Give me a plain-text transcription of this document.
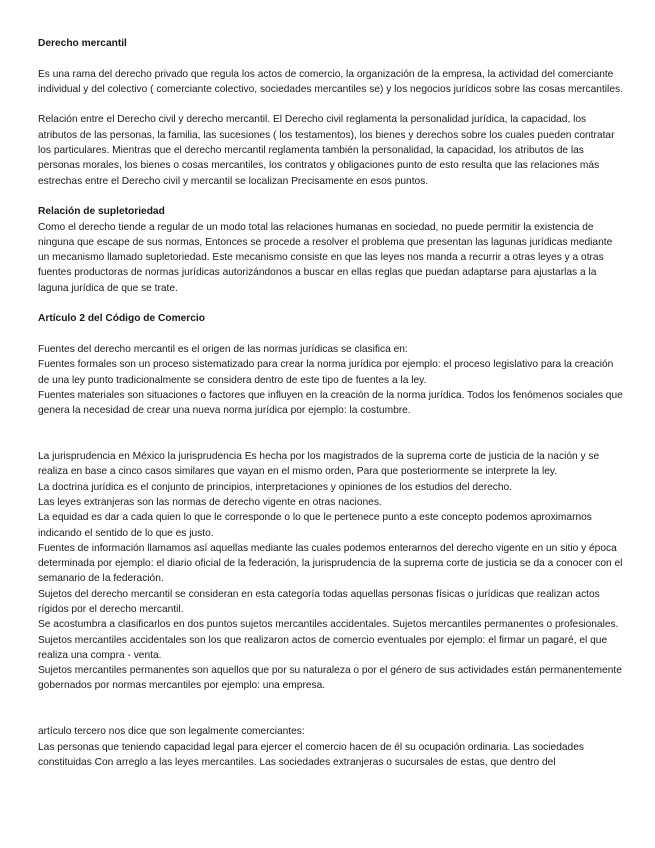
Derecho mercantil

Es una rama del derecho privado que regula los actos de comercio, la organización de la empresa, la actividad del comerciante individual y del colectivo ( comerciante colectivo, sociedades mercantiles se) y los negocios jurídicos sobre las cosas mercantiles.

Relación entre el Derecho civil y derecho mercantil. El Derecho civil reglamenta la personalidad jurídica, la capacidad, los atributos de las personas, la familia, las sucesiones ( los testamentos), los bienes y derechos sobre los cuales pueden contratar los particulares. Mientras que el derecho mercantil reglamenta también la personalidad, la capacidad, los atributos de las personas morales, los bienes o cosas mercantiles, los contratos y obligaciones punto de esto resulta que las relaciones más estrechas entre el Derecho civil y mercantil se localizan Precisamente en esos puntos.

Relación de supletoriedad

Como el derecho tiende a regular de un modo total las relaciones humanas en sociedad, no puede permitir la existencia de ninguna que escape de sus normas, Entonces se procede a resolver el problema que presentan las lagunas jurídicas mediante un mecanismo llamado supletoriedad. Este mecanismo consiste en que las leyes nos manda a recurrir a otras leyes y a otras fuentes productoras de normas jurídicas autorizándonos a buscar en ellas reglas que puedan adaptarse para ajustarlas a la laguna jurídica de que se trate.

Artículo 2 del Código de Comercio

Fuentes del derecho mercantil es el origen de las normas jurídicas se clasifica en:

Fuentes formales son un proceso sistematizado para crear la norma jurídica por ejemplo: el proceso legislativo para la creación de una ley punto tradicionalmente se considera dentro de este tipo de fuentes a la ley.

Fuentes materiales son situaciones o factores que influyen en la creación de la norma jurídica. Todos los fenómenos sociales que genera la necesidad de crear una nueva norma jurídica por ejemplo: la costumbre.

La jurisprudencia en México la jurisprudencia Es hecha por los magistrados de la suprema corte de justicia de la nación y se realiza en base a cinco casos similares que vayan en el mismo orden, Para que posteriormente se interprete la ley.

La doctrina jurídica es el conjunto de principios, interpretaciones y opiniones de los estudios del derecho.

Las leyes extranjeras son las normas de derecho vigente en otras naciones.

La equidad es dar a cada quien lo que le corresponde o lo que le pertenece punto a este concepto podemos aproximarnos indicando el sentido de lo que es justo.

Fuentes de información llamamos así aquellas mediante las cuales podemos enterarnos del derecho vigente en un sitio y época determinada por ejemplo: el diario oficial de la federación, la jurisprudencia de la suprema corte de justicia se da a conocer con el semanario de la federación.

Sujetos del derecho mercantil se consideran en esta categoría todas aquellas personas físicas o jurídicas que realizan actos rígidos por el derecho mercantil.

Se acostumbra a clasificarlos en dos puntos sujetos mercantiles accidentales. Sujetos mercantiles permanentes o profesionales.

Sujetos mercantiles accidentales son los que realizaron actos de comercio eventuales por ejemplo: el firmar un pagaré, el que realiza una compra - venta.

Sujetos mercantiles permanentes son aquellos que por su naturaleza o por el género de sus actividades están permanentemente gobernados por normas mercantiles por ejemplo: una empresa.

artículo tercero nos dice que son legalmente comerciantes:

Las personas que teniendo capacidad legal para ejercer el comercio hacen de él su ocupación ordinaria. Las sociedades constituidas Con arreglo a las leyes mercantiles. Las sociedades extranjeras o sucursales de estas, que dentro del
